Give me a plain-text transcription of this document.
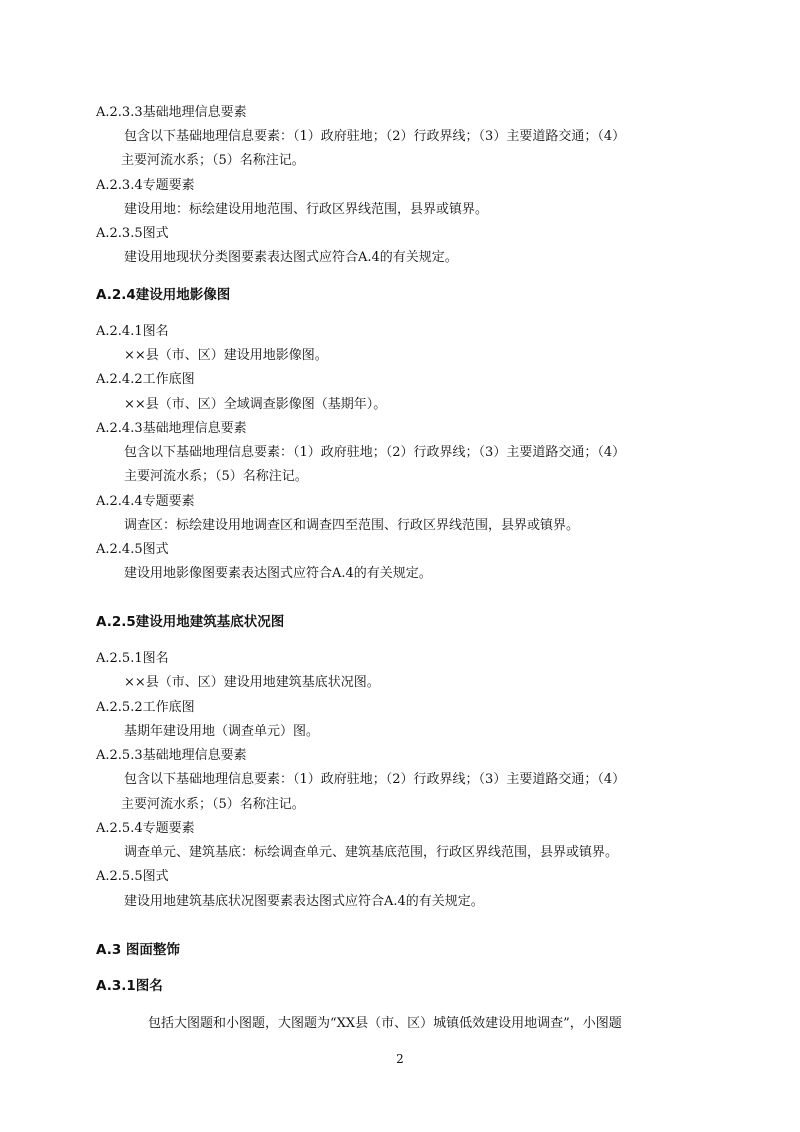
A.2.3.3基础地理信息要素
包含以下基础地理信息要素：（1）政府驻地；（2）行政界线；（3）主要道路交通；（4）
主要河流水系；（5）名称注记。
A.2.3.4专题要素
建设用地：标绘建设用地范围、行政区界线范围，县界或镇界。
A.2.3.5图式
建设用地现状分类图要素表达图式应符合A.4的有关规定。
A.2.4建设用地影像图
A.2.4.1图名
××县（市、区）建设用地影像图。
A.2.4.2工作底图
××县（市、区）全域调查影像图（基期年）。
A.2.4.3基础地理信息要素
包含以下基础地理信息要素：（1）政府驻地；（2）行政界线；（3）主要道路交通；（4）
主要河流水系；（5）名称注记。
A.2.4.4专题要素
调查区：标绘建设用地调查区和调查四至范围、行政区界线范围，县界或镇界。
A.2.4.5图式
建设用地影像图要素表达图式应符合A.4的有关规定。
A.2.5建设用地建筑基底状况图
A.2.5.1图名
××县（市、区）建设用地建筑基底状况图。
A.2.5.2工作底图
基期年建设用地（调查单元）图。
A.2.5.3基础地理信息要素
包含以下基础地理信息要素：（1）政府驻地；（2）行政界线；（3）主要道路交通；（4）
主要河流水系；（5）名称注记。
A.2.5.4专题要素
调查单元、建筑基底：标绘调查单元、建筑基底范围，行政区界线范围，县界或镇界。
A.2.5.5图式
建设用地建筑基底状况图要素表达图式应符合A.4的有关规定。
A.3 图面整饰
A.3.1图名
包括大图题和小图题，大图题为“XX县（市、区）城镇低效建设用地调查”，小图题
2
